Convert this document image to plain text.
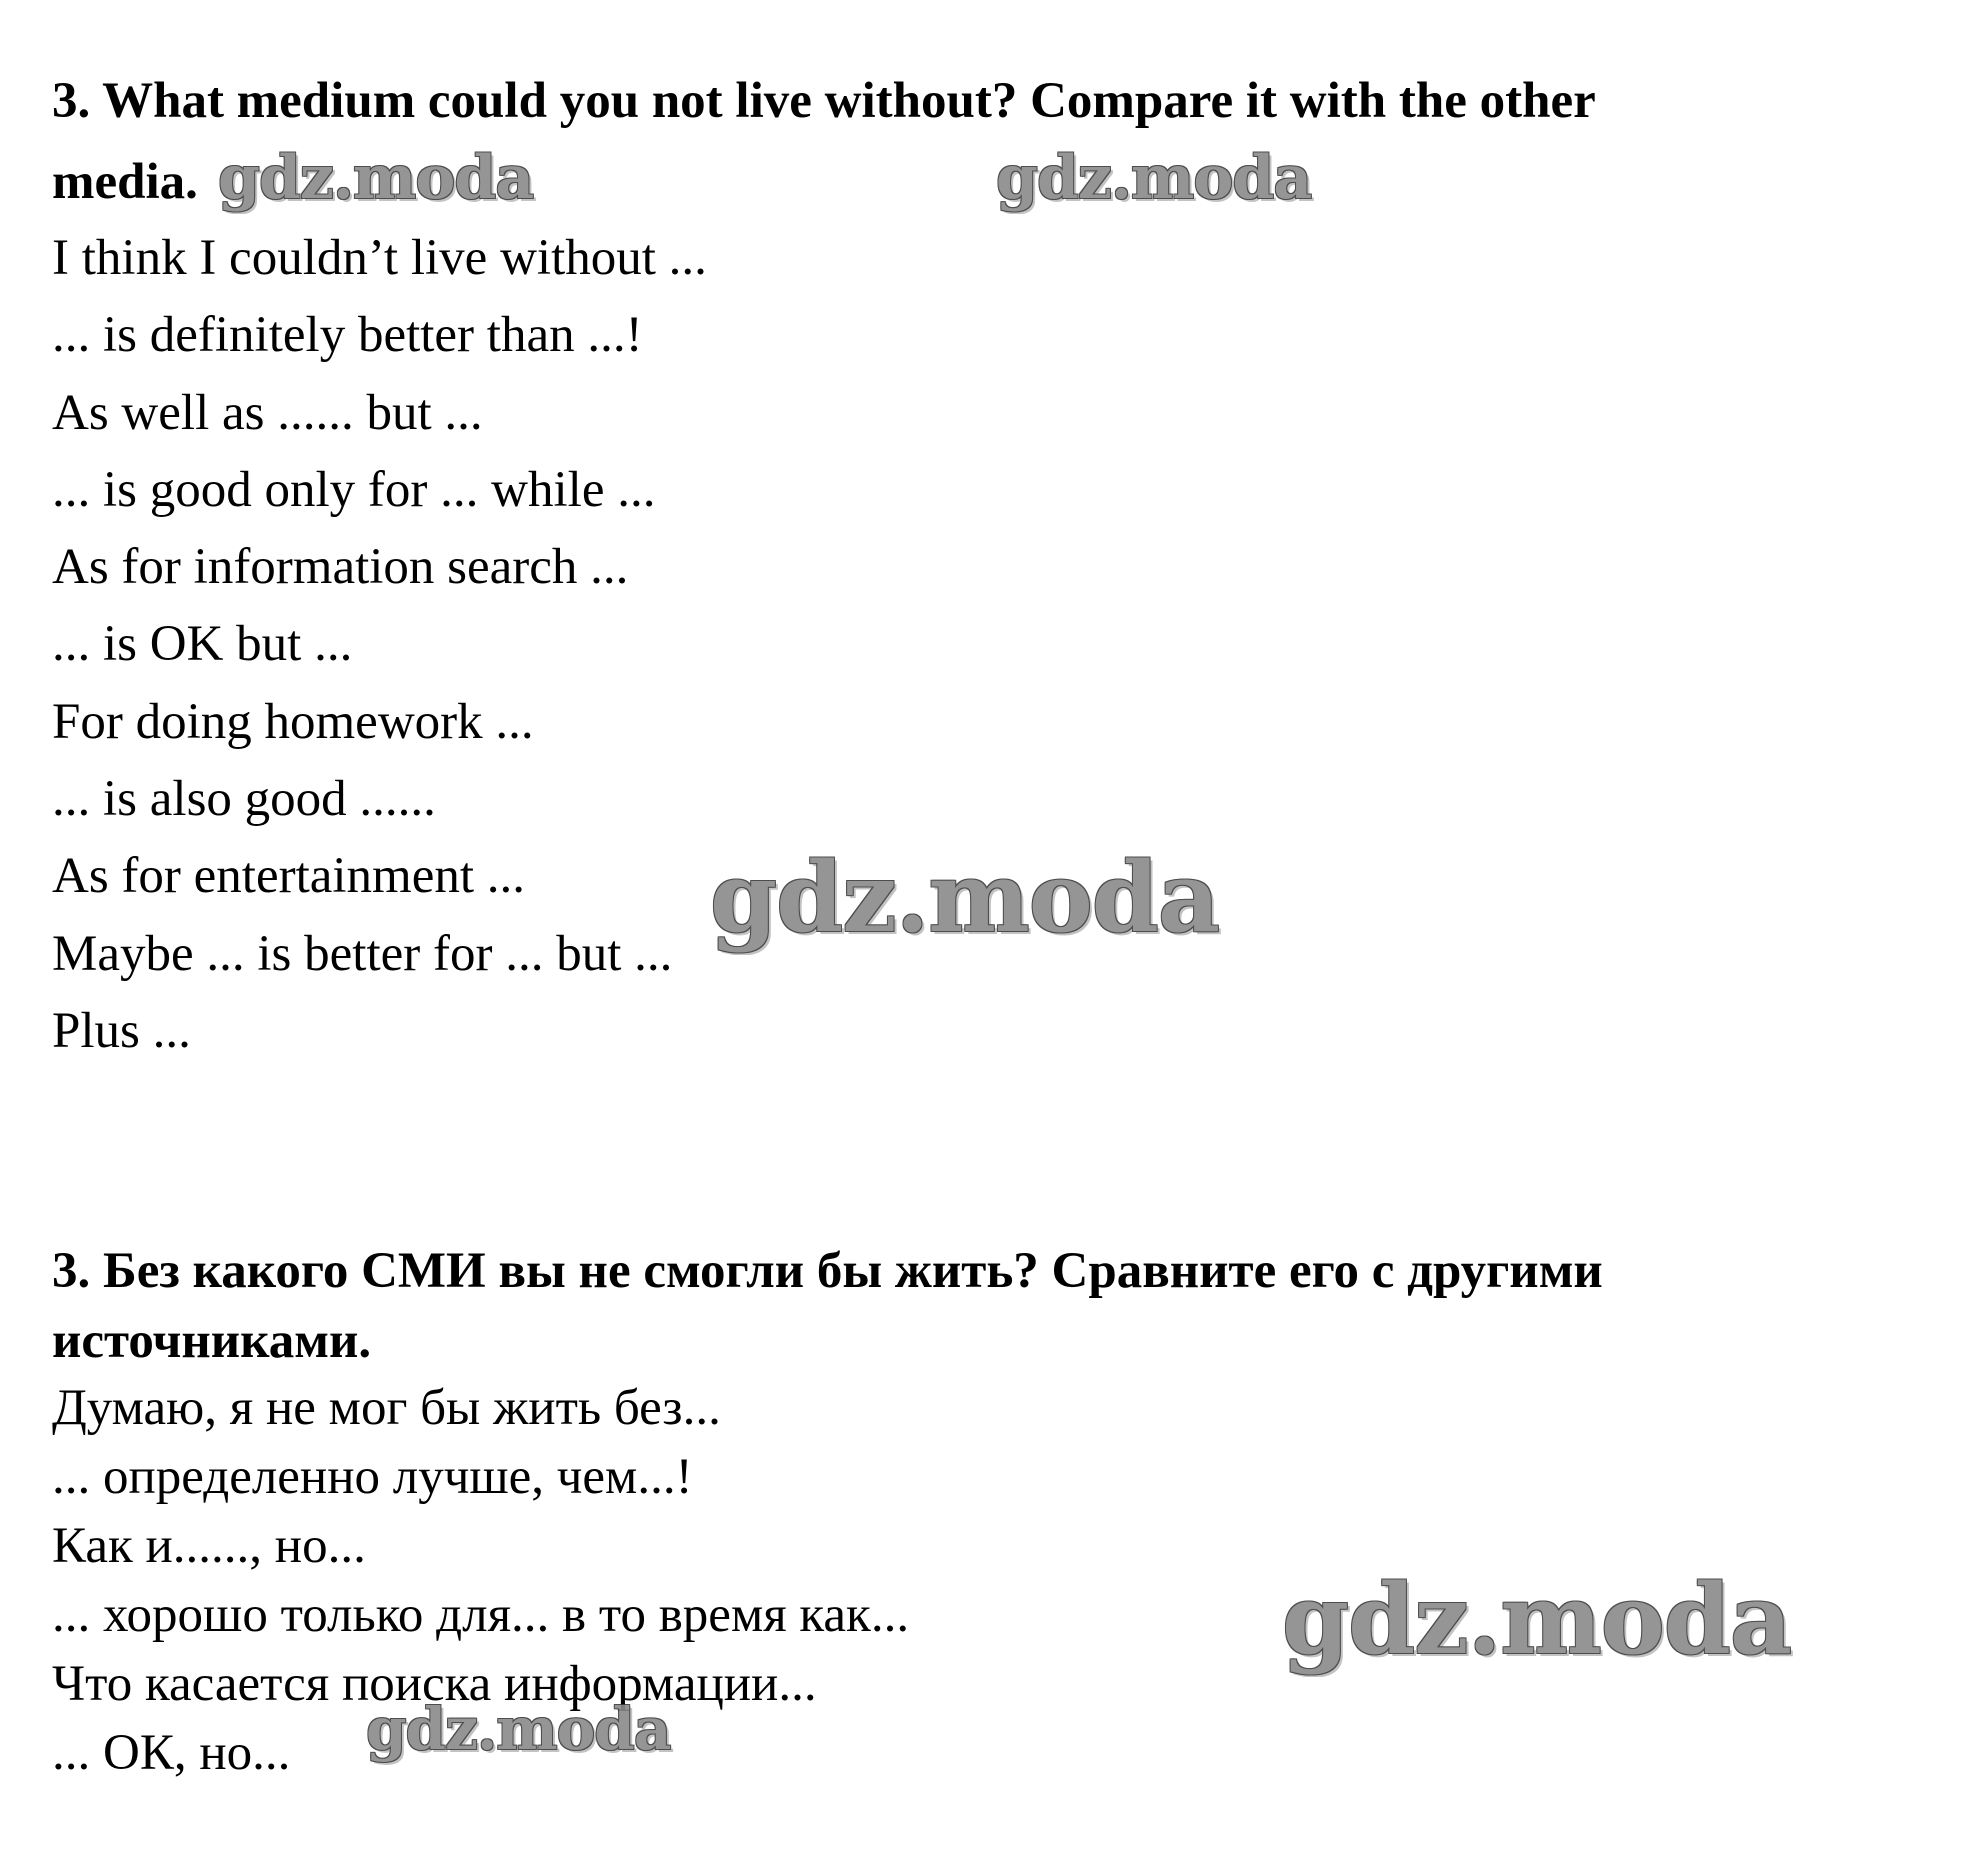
3. What medium could you not live without? Compare it with the other

media.

I think I couldn’t live without ...

... is definitely better than ...!

As well as ...... but ...

... is good only for ... while ...

As for information search ...

... is OK but ...

For doing homework ...

... is also good ......

As for entertainment ...

Maybe ... is better for ... but ...

Plus ...

3. Без какого СМИ вы не смогли бы жить? Сравните его с другими

источниками.

Думаю, я не мог бы жить без...

... определенно лучше, чем...!

Как и......, но...

... хорошо только для... в то время как...

Что касается поиска информации...

... ОК, но...

gdz.moda	gdz.moda
gdz.moda
gdz.moda
gdz.moda
